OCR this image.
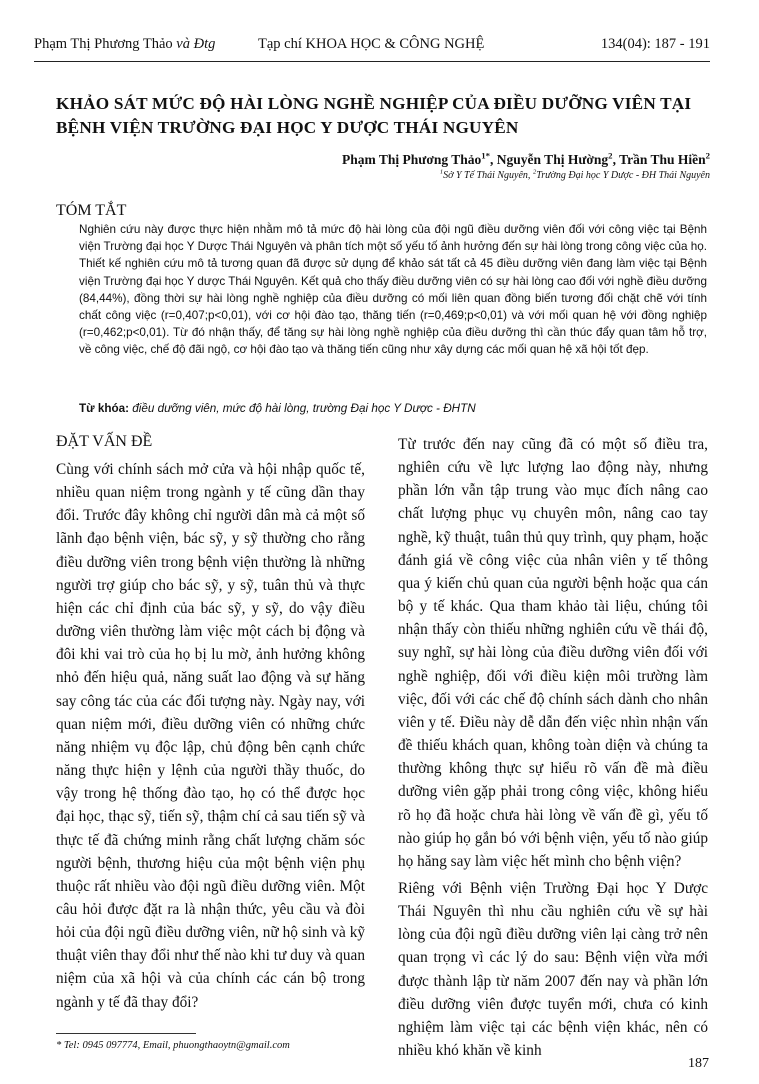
Phạm Thị Phương Thảo và Đtg	Tạp chí KHOA HỌC & CÔNG NGHỆ	134(04): 187 - 191
KHẢO SÁT MỨC ĐỘ HÀI LÒNG NGHỀ NGHIỆP CỦA ĐIỀU DƯỠNG VIÊN TẠI BỆNH VIỆN TRƯỜNG ĐẠI HỌC Y DƯỢC THÁI NGUYÊN
Phạm Thị Phương Thảo$^{1*}$, Nguyễn Thị Hường$^2$, Trần Thu Hiền$^2$
$^1$Sở Y Tế Thái Nguyên, $^2$Trường Đại học Y Dược - ĐH Thái Nguyên
TÓM TẮT
Nghiên cứu này được thực hiện nhằm mô tả mức độ hài lòng của đội ngũ điều dưỡng viên đối với công việc tại Bệnh viện Trường đại học Y Dược Thái Nguyên và phân tích một số yếu tố ảnh hưởng đến sự hài lòng trong công việc của họ. Thiết kế nghiên cứu mô tả tương quan đã được sử dụng để khảo sát tất cả 45 điều dưỡng viên đang làm việc tại Bệnh viện Trường đại học Y dược Thái Nguyên. Kết quả cho thấy điều dưỡng viên có sự hài lòng cao đối với nghề điều dưỡng (84,44%), đồng thời sự hài lòng nghề nghiệp của điều dưỡng có mối liên quan đồng biến tương đối chặt chẽ với tính chất công việc (r=0,407;p<0,01), với cơ hội đào tạo, thăng tiến (r=0,469;p<0,01) và với mối quan hệ với đồng nghiệp (r=0,462;p<0,01). Từ đó nhận thấy, để tăng sự hài lòng nghề nghiệp của điều dưỡng thì cần thúc đẩy quan tâm hỗ trợ, về công việc, chế độ đãi ngộ, cơ hội đào tạo và thăng tiến cũng như xây dựng các mối quan hệ xã hội tốt đẹp.
Từ khóa: điều dưỡng viên, mức độ hài lòng, trường Đại học Y Dược - ĐHTN
ĐẶT VẤN ĐỀ
Cùng với chính sách mở cửa và hội nhập quốc tế, nhiều quan niệm trong ngành y tế cũng dần thay đổi. Trước đây không chỉ người dân mà cả một số lãnh đạo bệnh viện, bác sỹ, y sỹ thường cho rằng điều dưỡng viên trong bệnh viện thường là những người trợ giúp cho bác sỹ, y sỹ, tuân thủ và thực hiện các chỉ định của bác sỹ, y sỹ, do vậy điều dưỡng viên thường làm việc một cách bị động và đôi khi vai trò của họ bị lu mờ, ảnh hưởng không nhỏ đến hiệu quả, năng suất lao động và sự hăng say công tác của các đối tượng này. Ngày nay, với quan niệm mới, điều dưỡng viên có những chức năng nhiệm vụ độc lập, chủ động bên cạnh chức năng thực hiện y lệnh của người thầy thuốc, do vậy trong hệ thống đào tạo, họ có thể được học đại học, thạc sỹ, tiến sỹ, thậm chí cả sau tiến sỹ và thực tế đã chứng minh rằng chất lượng chăm sóc người bệnh, thương hiệu của một bệnh viện phụ thuộc rất nhiều vào đội ngũ điều dưỡng viên. Một câu hỏi được đặt ra là nhận thức, yêu cầu và đòi hỏi của đội ngũ điều dưỡng viên, nữ hộ sinh và kỹ thuật viên thay đổi như thế nào khi tư duy và quan niệm của xã hội và của chính các cán bộ trong ngành y tế đã thay đổi?
Từ trước đến nay cũng đã có một số điều tra, nghiên cứu về lực lượng lao động này, nhưng phần lớn vẫn tập trung vào mục đích nâng cao chất lượng phục vụ chuyên môn, nâng cao tay nghề, kỹ thuật, tuân thủ quy trình, quy phạm, hoặc đánh giá về công việc của nhân viên y tế thông qua ý kiến chủ quan của người bệnh hoặc qua cán bộ y tế khác. Qua tham khảo tài liệu, chúng tôi nhận thấy còn thiếu những nghiên cứu về thái độ, suy nghĩ, sự hài lòng của điều dưỡng viên đối với nghề nghiệp, đối với điều kiện môi trường làm việc, đối với các chế độ chính sách dành cho nhân viên y tế. Điều này dễ dẫn đến việc nhìn nhận vấn đề thiếu khách quan, không toàn diện và chúng ta thường không thực sự hiểu rõ vấn đề mà điều dưỡng viên gặp phải trong công việc, không hiểu rõ họ đã hoặc chưa hài lòng về vấn đề gì, yếu tố nào giúp họ gắn bó với bệnh viện, yếu tố nào giúp họ hăng say làm việc hết mình cho bệnh viện?
Riêng với Bệnh viện Trường Đại học Y Dược Thái Nguyên thì nhu cầu nghiên cứu về sự hài lòng của đội ngũ điều dưỡng viên lại càng trở nên quan trọng vì các lý do sau: Bệnh viện vừa mới được thành lập từ năm 2007 đến nay và phần lớn điều dưỡng viên được tuyển mới, chưa có kinh nghiệm làm việc tại các bệnh viện khác, nên có nhiều khó khăn về kinh
* Tel: 0945 097774, Email, phuongthaoytn@gmail.com
187
